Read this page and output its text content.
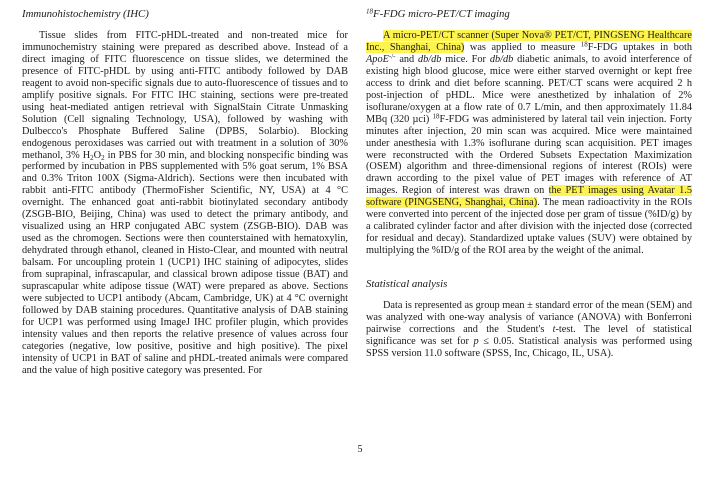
Immunohistochemistry (IHC)

Tissue slides from FITC-pHDL-treated and non-treated mice for immunochemistry staining were prepared as described above. Instead of a direct imaging of FITC fluorescence on tissue slides, we determined the presence of FITC-pHDL by using anti-FITC antibody followed by DAB reagent to avoid non-specific signals due to auto-fluorescence of tissues and to amplify positive signals. For FITC IHC staining, sections were pre-treated using heat-mediated antigen retrieval with SignalStain Citrate Unmasking Solution (Cell signaling Technology, USA), followed by washing with Dulbecco's Phosphate Buffered Saline (DPBS, Solarbio). Blocking endogenous peroxidases was carried out with treatment in a solution of 30% methanol, 3% $H_2O_2$ in PBS for 30 min, and blocking nonspecific binding was performed by incubation in PBS supplemented with 5% goat serum, 1% BSA and 0.3% Triton 100X (Sigma-Aldrich). Sections were then incubated with rabbit anti-FITC antibody (ThermoFisher Scientific, NY, USA) at 4 °C overnight. The enhanced goat anti-rabbit biotinylated secondary antibody (ZSGB-BIO, Beijing, China) was used to detect the primary antibody, and visualized using an HRP conjugated ABC system (ZSGB-BIO). DAB was used as the chromogen. Sections were then counterstained with hematoxylin, dehydrated through ethanol, cleaned in Histo-Clear, and mounted with neutral balsam. For uncoupling protein 1 (UCP1) IHC staining of adipocytes, slides from suprapinal, infrascapular, and classical brown adipose tissue (BAT) and suprascapular white adipose tissue (WAT) were prepared as above. Sections were subjected to UCP1 antibody (Abcam, Cambridge, UK) at 4 °C overnight followed by DAB staining procedures. Quantitative analysis of DAB staining for UCP1 was performed using ImageJ IHC profiler plugin, which provides intensity values and then reports the relative presence of values across four categories (negative, low positive, positive and high positive). The pixel intensity of UCP1 in BAT of saline and pHDL-treated animals were compared and the value of high positive category was presented. For

$^{18}$F-FDG micro-PET/CT imaging

A micro-PET/CT scanner (Super Nova® PET/CT, PINGSENG Healthcare Inc., Shanghai, China) was applied to measure $^{18}$F-FDG uptakes in both ApoE-/- and db/db mice. For db/db diabetic animals, to avoid interference of existing high blood glucose, mice were either starved overnight or kept free access to drink and diet before scanning. PET/CT scans were acquired 2 h post-injection of pHDL. Mice were anesthetized by inhalation of 2% isoflurane/oxygen at a flow rate of 0.7 L/min, and then approximately 11.84 MBq (320 µci) $^{18}$F-FDG was administered by lateral tail vein injection. Forty minutes after injection, 20 min scan was acquired. Mice were maintained under anesthesia with 1.3% isoflurane during scan acquisition. PET images were reconstructed with the Ordered Subsets Expectation Maximization (OSEM) algorithm and three-dimensional regions of interest (ROIs) were drawn according to the pixel value of PET images with reference of AT images. Region of interest was drawn on the PET images using Avatar 1.5 software (PINGSENG, Shanghai, China). The mean radioactivity in the ROIs were converted into percent of the injected dose per gram of tissue (%ID/g) by a calibrated cylinder factor and after division with the injected dose (corrected for residual and decay). Standardized uptake values (SUV) were obtained by multiplying the %ID/g of the ROI area by the weight of the animal.

Statistical analysis

Data is represented as group mean ± standard error of the mean (SEM) and was analyzed with one-way analysis of variance (ANOVA) with Bonferroni pairwise corrections and the Student's t-test. The level of statistical significance was set for p ≤ 0.05. Statistical analysis was performed using SPSS version 11.0 software (SPSS, Inc, Chicago, IL, USA).

5
